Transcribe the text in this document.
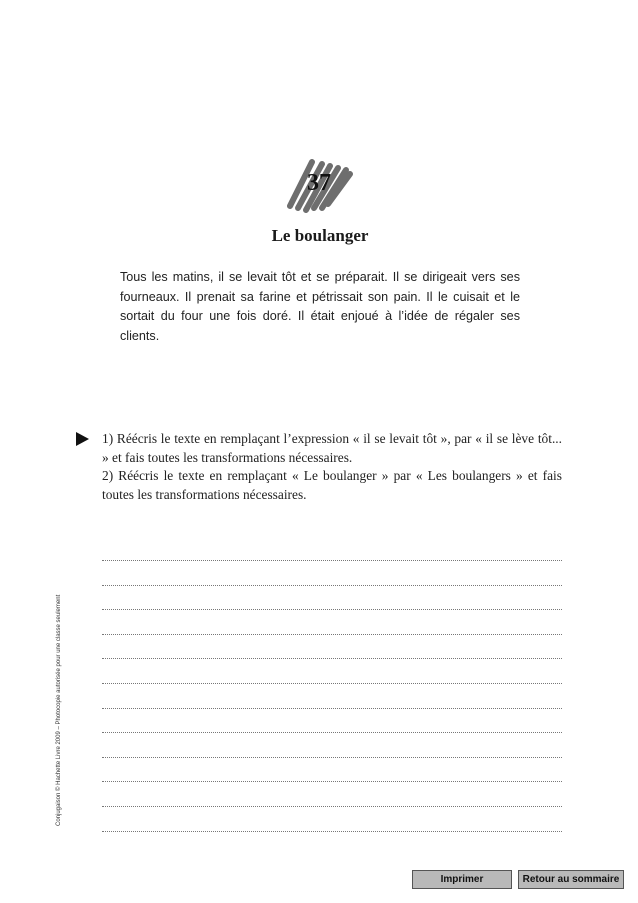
37
Le boulanger
Tous les matins, il se levait tôt et se préparait. Il se dirigeait vers ses fourneaux. Il prenait sa farine et pétrissait son pain. Il le cuisait et le sortait du four une fois doré. Il était enjoué à l’idée de régaler ses clients.
1) Réécris le texte en remplaçant l’expression « il se levait tôt », par « il se lève tôt... » et fais toutes les transformations nécessaires.
2) Réécris le texte en remplaçant « Le boulanger » par « Les boulangers » et fais toutes les transformations nécessaires.
Conjugaison © Hachette Livre 2009 – Photocopie autorisée pour une classe seulement
Imprimer	Retour au sommaire
